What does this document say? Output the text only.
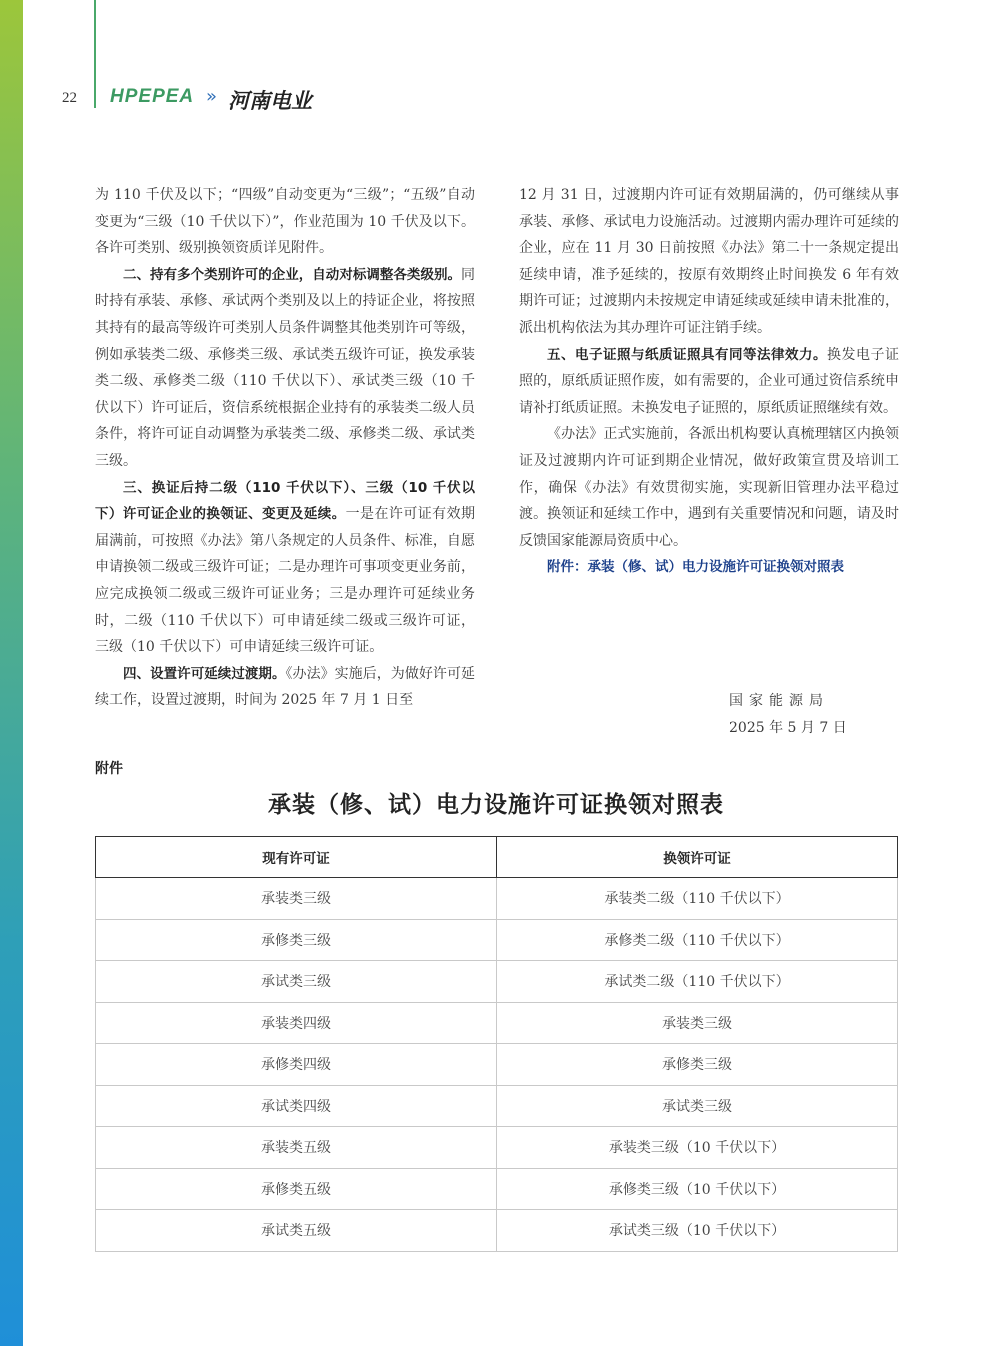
22 HPEPEA » 河南电业

为 110 千伏及以下；“四级”自动变更为“三级”；“五级”自动变更为“三级（10 千伏以下）”，作业范围为 10 千伏及以下。各许可类别、级别换领资质详见附件。

二、持有多个类别许可的企业，自动对标调整各类级别。同时持有承装、承修、承试两个类别及以上的持证企业，将按照其持有的最高等级许可类别人员条件调整其他类别许可等级，例如承装类二级、承修类三级、承试类五级许可证，换发承装类二级、承修类二级（110 千伏以下）、承试类三级（10 千伏以下）许可证后，资信系统根据企业持有的承装类二级人员条件，将许可证自动调整为承装类二级、承修类二级、承试类三级。

三、换证后持二级（110 千伏以下）、三级（10 千伏以下）许可证企业的换领证、变更及延续。一是在许可证有效期届满前，可按照《办法》第八条规定的人员条件、标准，自愿申请换领二级或三级许可证；二是办理许可事项变更业务前，应完成换领二级或三级许可证业务；三是办理许可延续业务时，二级（110 千伏以下）可申请延续二级或三级许可证，三级（10 千伏以下）可申请延续三级许可证。

四、设置许可延续过渡期。《办法》实施后，为做好许可延续工作，设置过渡期，时间为 2025 年 7 月 1 日至

12 月 31 日，过渡期内许可证有效期届满的，仍可继续从事承装、承修、承试电力设施活动。过渡期内需办理许可延续的企业，应在 11 月 30 日前按照《办法》第二十一条规定提出延续申请，准予延续的，按原有效期终止时间换发 6 年有效期许可证；过渡期内未按规定申请延续或延续申请未批准的，派出机构依法为其办理许可证注销手续。

五、电子证照与纸质证照具有同等法律效力。换发电子证照的，原纸质证照作废，如有需要的，企业可通过资信系统申请补打纸质证照。未换发电子证照的，原纸质证照继续有效。

《办法》正式实施前，各派出机构要认真梳理辖区内换领证及过渡期内许可证到期企业情况，做好政策宣贯及培训工作，确保《办法》有效贯彻实施，实现新旧管理办法平稳过渡。换领证和延续工作中，遇到有关重要情况和问题，请及时反馈国家能源局资质中心。

附件：承装（修、试）电力设施许可证换领对照表

国家能源局
2025 年 5 月 7 日
附件
承装（修、试）电力设施许可证换领对照表
现有许可证	换领许可证
承装类三级	承装类二级（110 千伏以下）
承修类三级	承修类二级（110 千伏以下）
承试类三级	承试类二级（110 千伏以下）
承装类四级	承装类三级
承修类四级	承修类三级
承试类四级	承试类三级
承装类五级	承装类三级（10 千伏以下）
承修类五级	承修类三级（10 千伏以下）
承试类五级	承试类三级（10 千伏以下）
